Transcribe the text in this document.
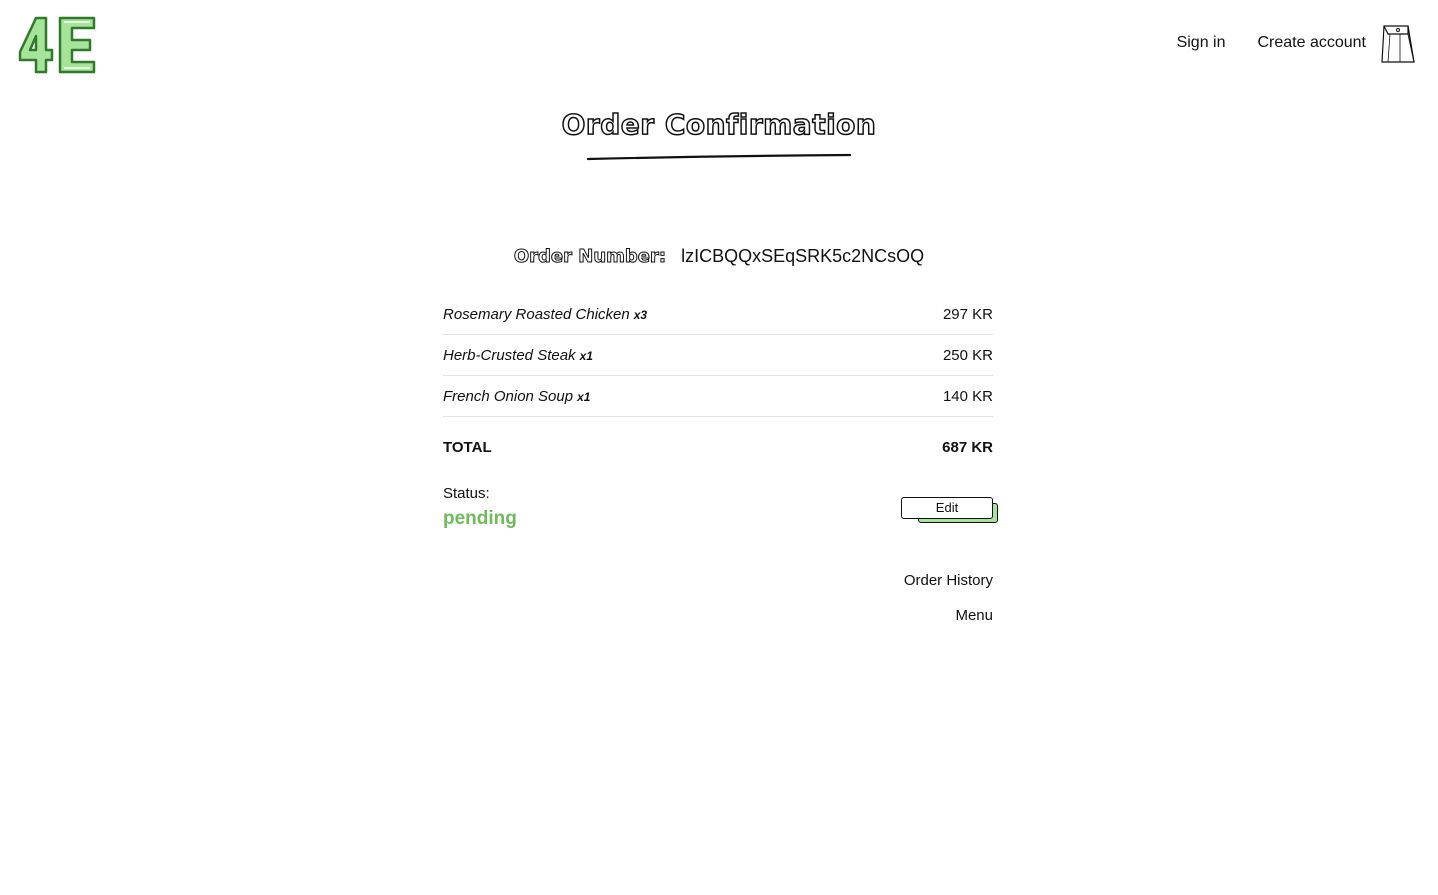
Sign in Create account
Order Confirmation
Order Number: lzICBQQxSEqSRK5c2NCsOQ
Rosemary Roasted Chicken x3	297 KR
Herb-Crusted Steak x1	250 KR
French Onion Soup x1	140 KR
TOTAL	687 KR
Status:
pending
Edit
Order History
Menu
